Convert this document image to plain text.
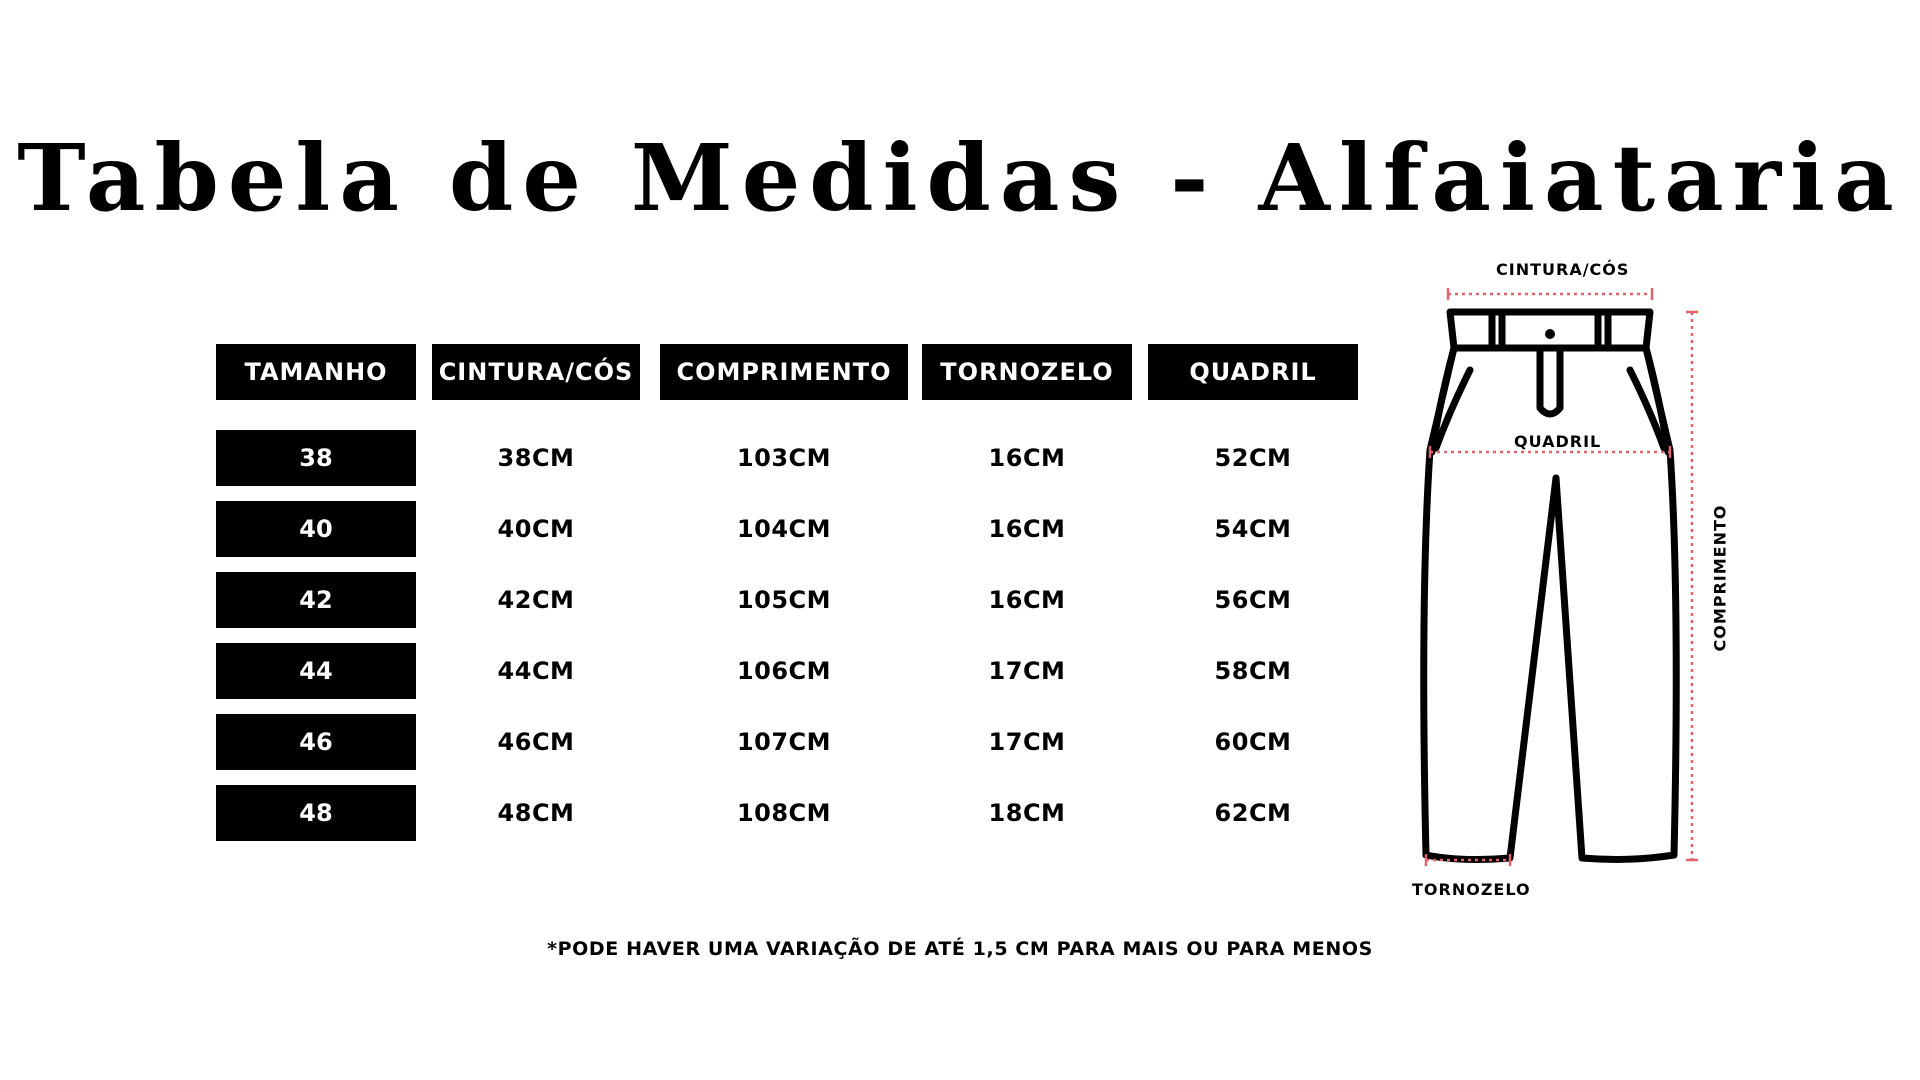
Tabela de Medidas - Alfaiataria
TAMANHO	CINTURA/CÓS	COMPRIMENTO	TORNOZELO	QUADRIL
38	38CM	103CM	16CM	52CM
40	40CM	104CM	16CM	54CM
42	42CM	105CM	16CM	56CM
44	44CM	106CM	17CM	58CM
46	46CM	107CM	17CM	60CM
48	48CM	108CM	18CM	62CM
CINTURA/CÓS
QUADRIL
TORNOZELO
COMPRIMENTO
*PODE HAVER UMA VARIAÇÃO DE ATÉ 1,5 CM PARA MAIS OU PARA MENOS
